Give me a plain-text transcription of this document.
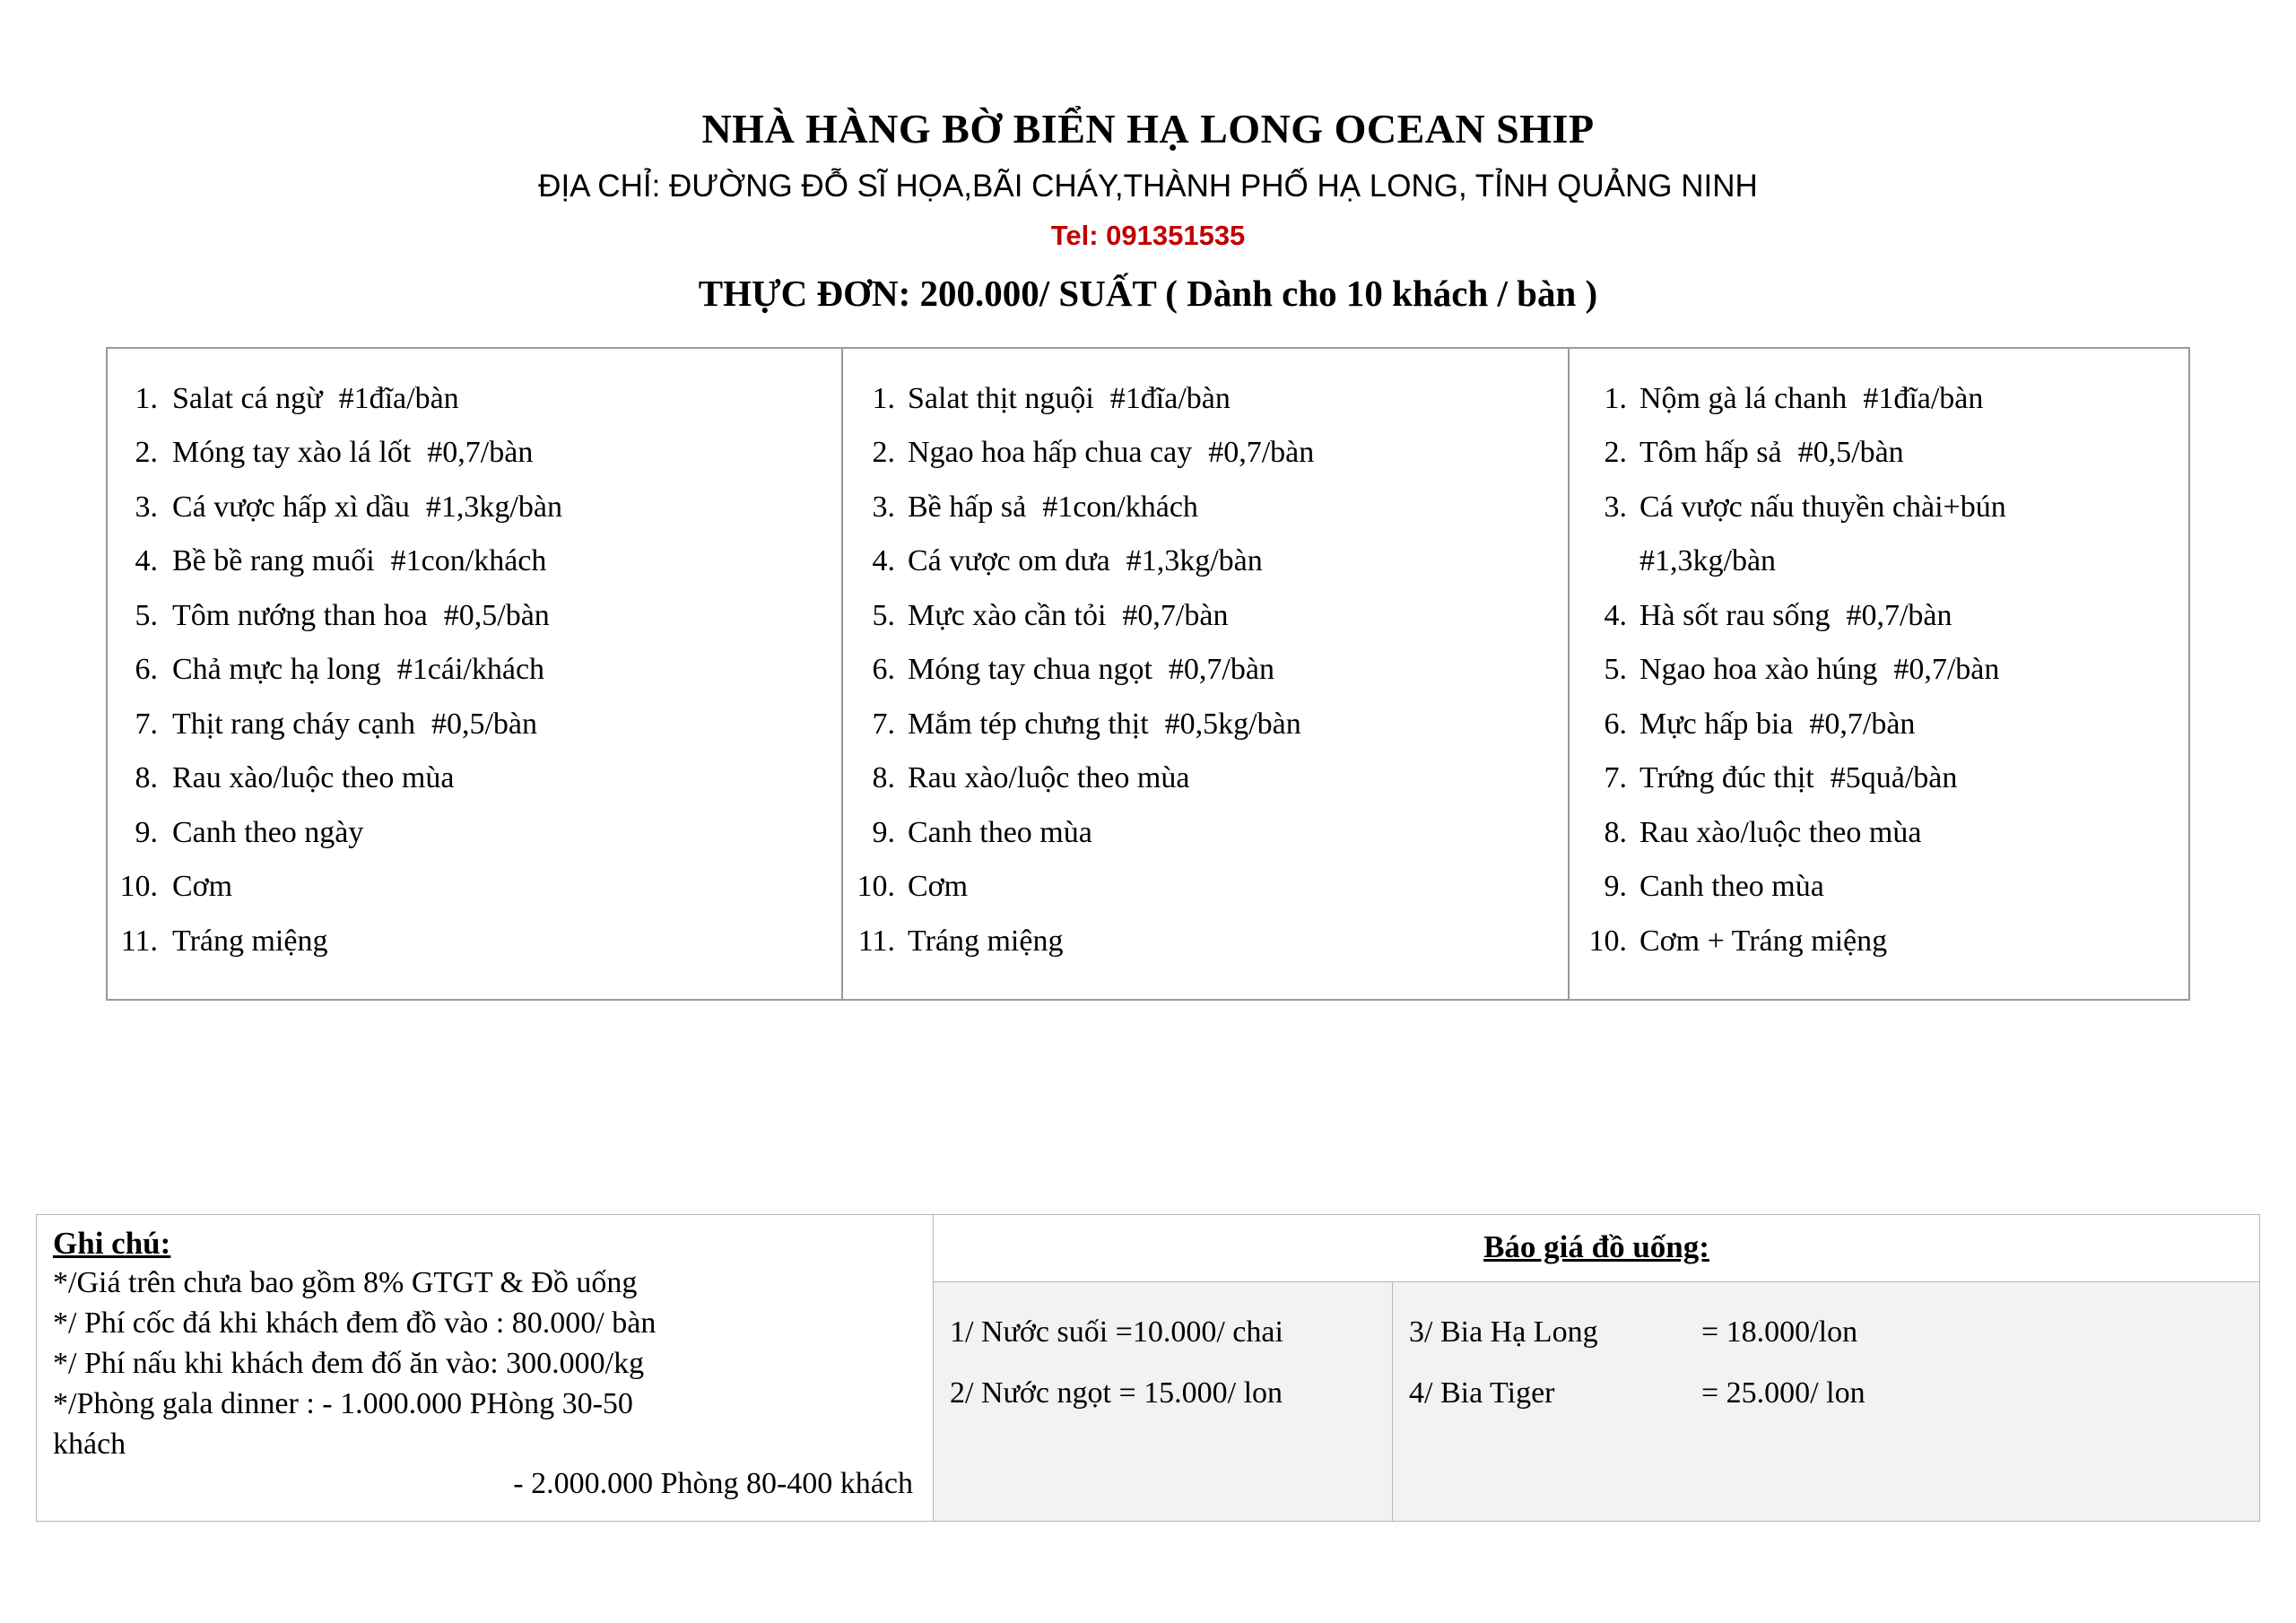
NHÀ HÀNG BỜ BIỂN HẠ LONG OCEAN SHIP
ĐỊA CHỈ: ĐƯỜNG ĐỖ SĨ HỌA,BÃI CHÁY,THÀNH PHỐ HẠ LONG, TỈNH QUẢNG NINH
Tel: 091351535
THỰC ĐƠN: 200.000/ SUẤT ( Dành cho 10 khách / bàn )
1. Salat cá ngừ #1đĩa/bàn
2. Móng tay xào lá lốt #0,7/bàn
3. Cá vược hấp xì dầu #1,3kg/bàn
4. Bề bề rang muối #1con/khách
5. Tôm nướng than hoa #0,5/bàn
6. Chả mực hạ long #1cái/khách
7. Thịt rang cháy cạnh #0,5/bàn
8. Rau xào/luộc theo mùa
9. Canh theo ngày
10. Cơm
11. Tráng miệng
1. Salat thịt nguội #1đĩa/bàn
2. Ngao hoa hấp chua cay #0,7/bàn
3. Bề hấp sả #1con/khách
4. Cá vược om dưa #1,3kg/bàn
5. Mực xào cần tỏi #0,7/bàn
6. Móng tay chua ngọt #0,7/bàn
7. Mắm tép chưng thịt #0,5kg/bàn
8. Rau xào/luộc theo mùa
9. Canh theo mùa
10. Cơm
11. Tráng miệng
1. Nộm gà lá chanh #1đĩa/bàn
2. Tôm hấp sả #0,5/bàn
3. Cá vược nấu thuyền chài+bún
#1,3kg/bàn
4. Hà sốt rau sống #0,7/bàn
5. Ngao hoa xào húng #0,7/bàn
6. Mực hấp bia #0,7/bàn
7. Trứng đúc thịt #5quả/bàn
8. Rau xào/luộc theo mùa
9. Canh theo mùa
10. Cơm + Tráng miệng
Ghi chú:
*/Giá trên chưa bao gồm 8% GTGT & Đồ uống
*/ Phí cốc đá khi khách đem đồ vào : 80.000/ bàn
*/ Phí nấu khi khách đem đố ăn vào: 300.000/kg
*/Phòng gala dinner : - 1.000.000 PHòng 30-50
khách
- 2.000.000 Phòng 80-400 khách
Báo giá đồ uống:
1/ Nước suối =10.000/ chai
2/ Nước ngọt = 15.000/ lon
3/ Bia Hạ Long	= 18.000/lon
4/ Bia Tiger	= 25.000/ lon
